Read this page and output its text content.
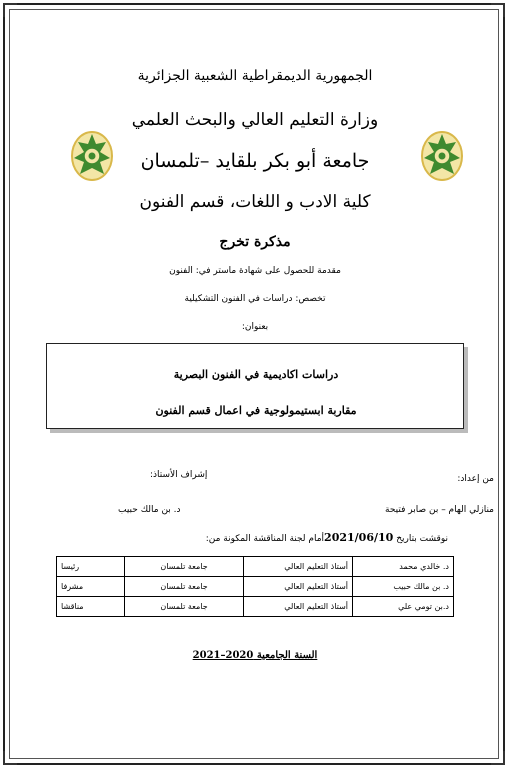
الجمهورية الديمقراطية الشعبية الجزائرية
وزارة التعليم العالي والبحث العلمي
جامعة أبو بكر بلقايد –تلمسان
كلية الادب و اللغات، قسم الفنون
مذكرة تخرج
مقدمة للحصول على شهادة ماستر في: الفنون
تخصص: دراسات في الفنون التشكيلية
بعنوان:
دراسات اكاديمية في الفنون البصرية
مقاربة ابستيمولوجية في اعمال قسم الفنون
من إعداد:
إشراف الأستاذ:
منازلي الهام – بن صابر فتيحة
د. بن مالك حبيب
نوقشت بتاريخ 2021/06/10أمام لجنة المناقشة المكونة من:
د. خالدي محمد	أستاذ التعليم العالي	جامعة تلمسان	رئيسا
د. بن مالك حبيب	أستاذ التعليم العالي	جامعة تلمسان	مشرفا
د.بن تومي علي	أستاذ التعليم العالي	جامعة تلمسان	مناقشا
السنة الجامعية 2020–2021
